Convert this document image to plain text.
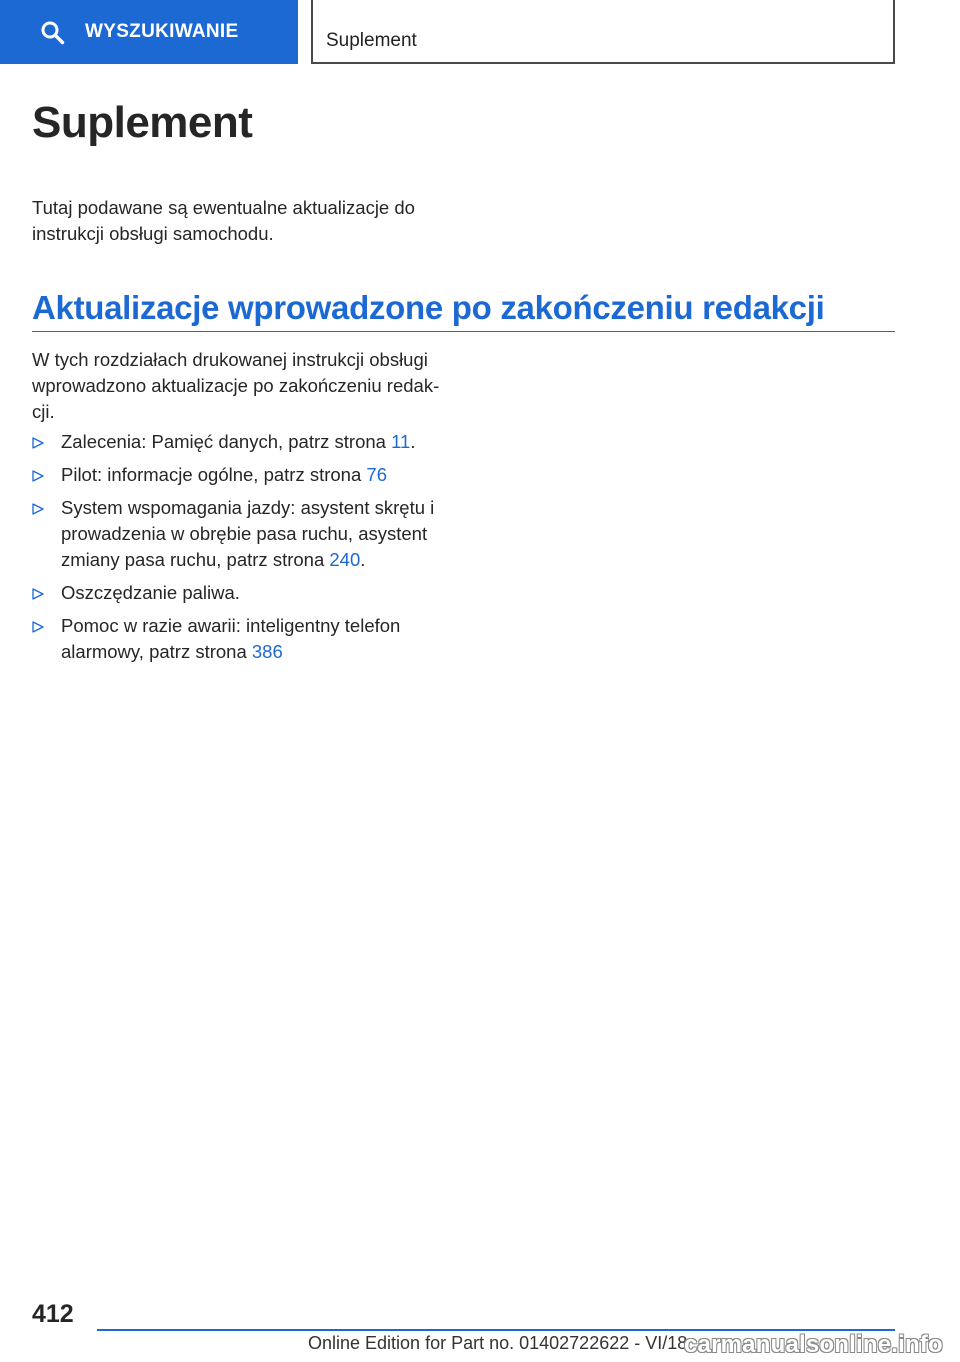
WYSZUKIWANIE	Suplement
Suplement

Tutaj podawane są ewentualne aktualizacje do instrukcji obsługi samochodu.

Aktualizacje wprowadzone po zakończeniu redakcji

W tych rozdziałach drukowanej instrukcji obsługi wprowadzono aktualizacje po zakończeniu redak- cji.

Zalecenia: Pamięć danych, patrz strona 11.
Pilot: informacje ogólne, patrz strona 76
System wspomagania jazdy: asystent skrętu i prowadzenia w obrębie pasa ruchu, asystent zmiany pasa ruchu, patrz strona 240.
Oszczędzanie paliwa.
Pomoc w razie awarii: inteligentny telefon alarmowy, patrz strona 386
412
Online Edition for Part no. 01402722622 - VI/18
carmanualsonline.info
